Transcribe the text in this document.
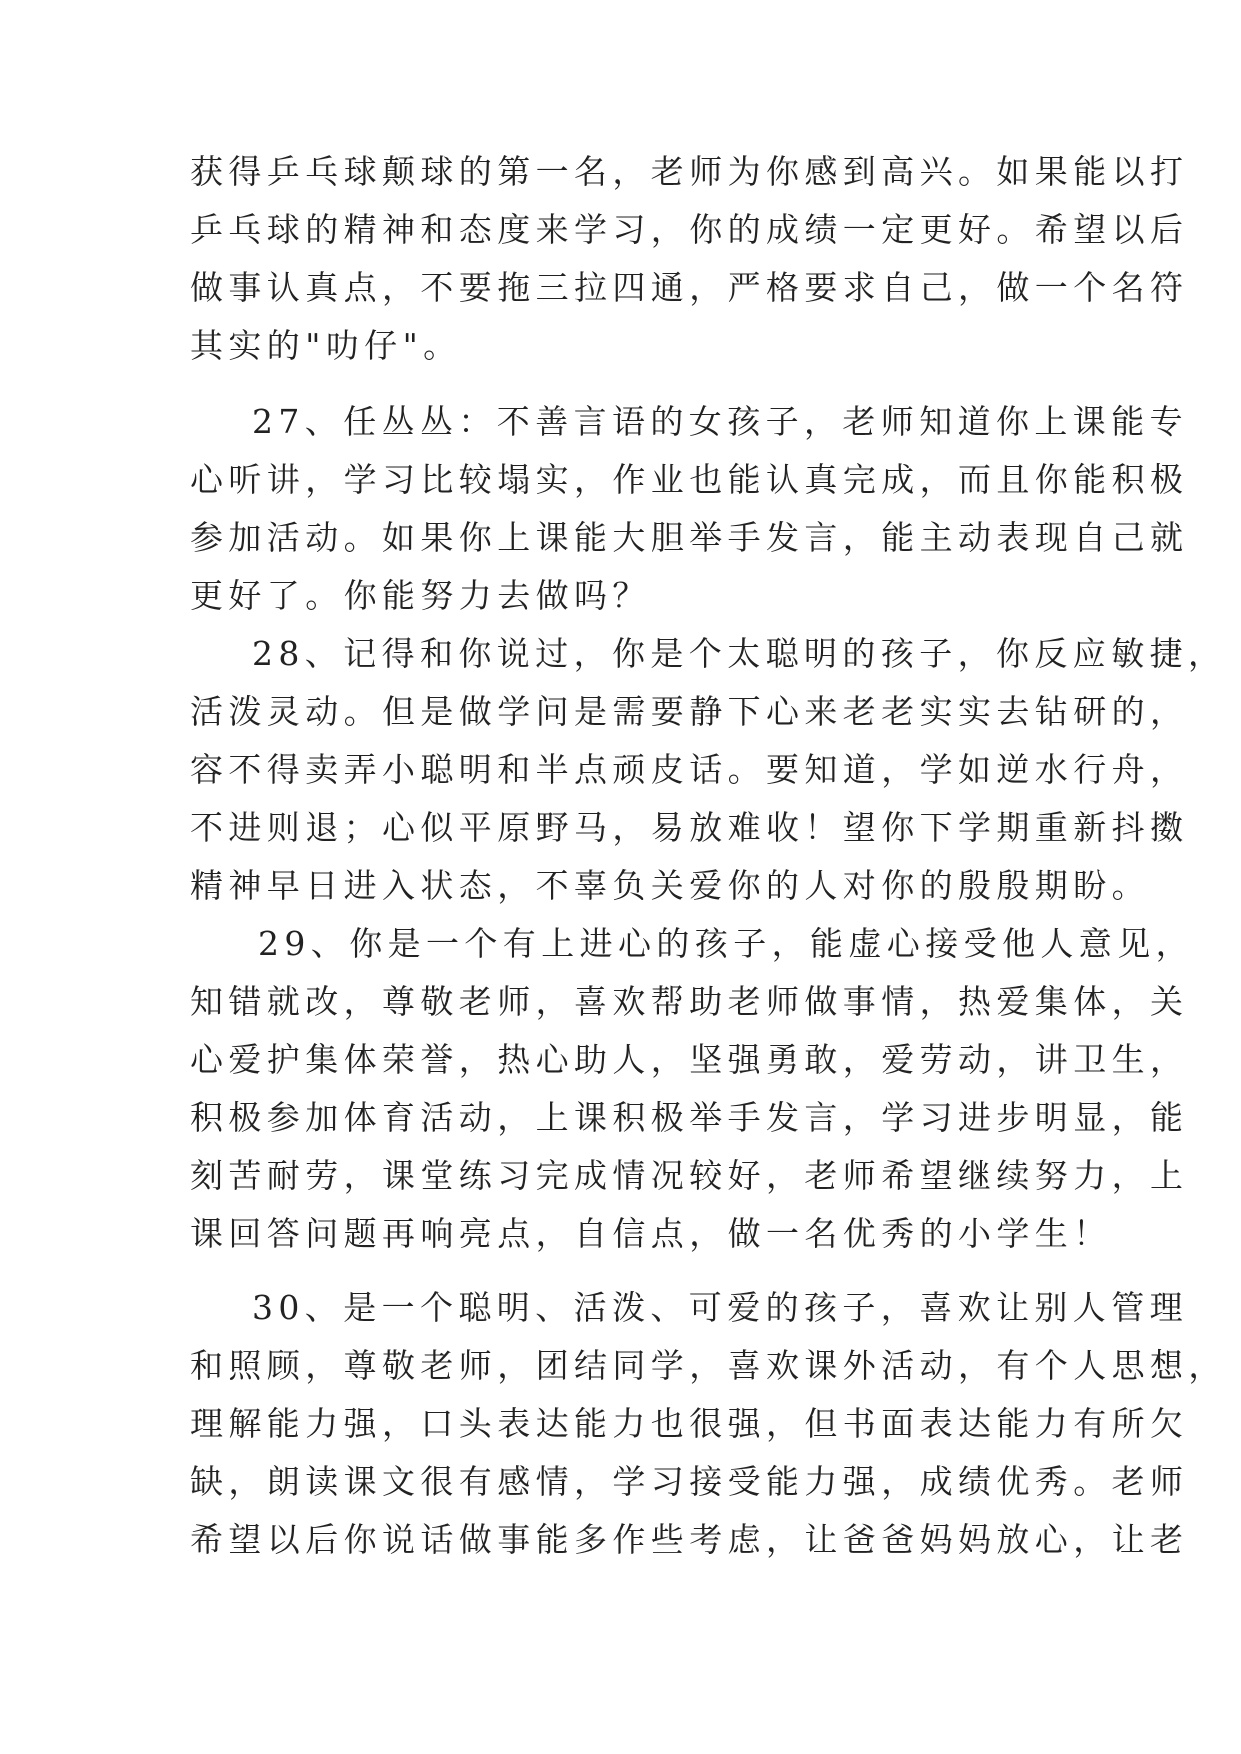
获得乒乓球颠球的第一名，老师为你感到高兴。如果能以打
乒乓球的精神和态度来学习，你的成绩一定更好。希望以后
做事认真点，不要拖三拉四通，严格要求自己，做一个名符
其实的"叻仔"。
27、任丛丛：不善言语的女孩子，老师知道你上课能专
心听讲，学习比较塌实，作业也能认真完成，而且你能积极
参加活动。如果你上课能大胆举手发言，能主动表现自己就
更好了。你能努力去做吗？
28、记得和你说过，你是个太聪明的孩子，你反应敏捷，
活泼灵动。但是做学问是需要静下心来老老实实去钻研的，
容不得卖弄小聪明和半点顽皮话。要知道，学如逆水行舟，
不进则退；心似平原野马，易放难收！望你下学期重新抖擞
精神早日进入状态，不辜负关爱你的人对你的殷殷期盼。
29、你是一个有上进心的孩子，能虚心接受他人意见，
知错就改，尊敬老师，喜欢帮助老师做事情，热爱集体，关
心爱护集体荣誉，热心助人，坚强勇敢，爱劳动，讲卫生，
积极参加体育活动，上课积极举手发言，学习进步明显，能
刻苦耐劳，课堂练习完成情况较好，老师希望继续努力，上
课回答问题再响亮点，自信点，做一名优秀的小学生！
30、是一个聪明、活泼、可爱的孩子，喜欢让别人管理
和照顾，尊敬老师，团结同学，喜欢课外活动，有个人思想，
理解能力强，口头表达能力也很强，但书面表达能力有所欠
缺，朗读课文很有感情，学习接受能力强，成绩优秀。老师
希望以后你说话做事能多作些考虑，让爸爸妈妈放心，让老
